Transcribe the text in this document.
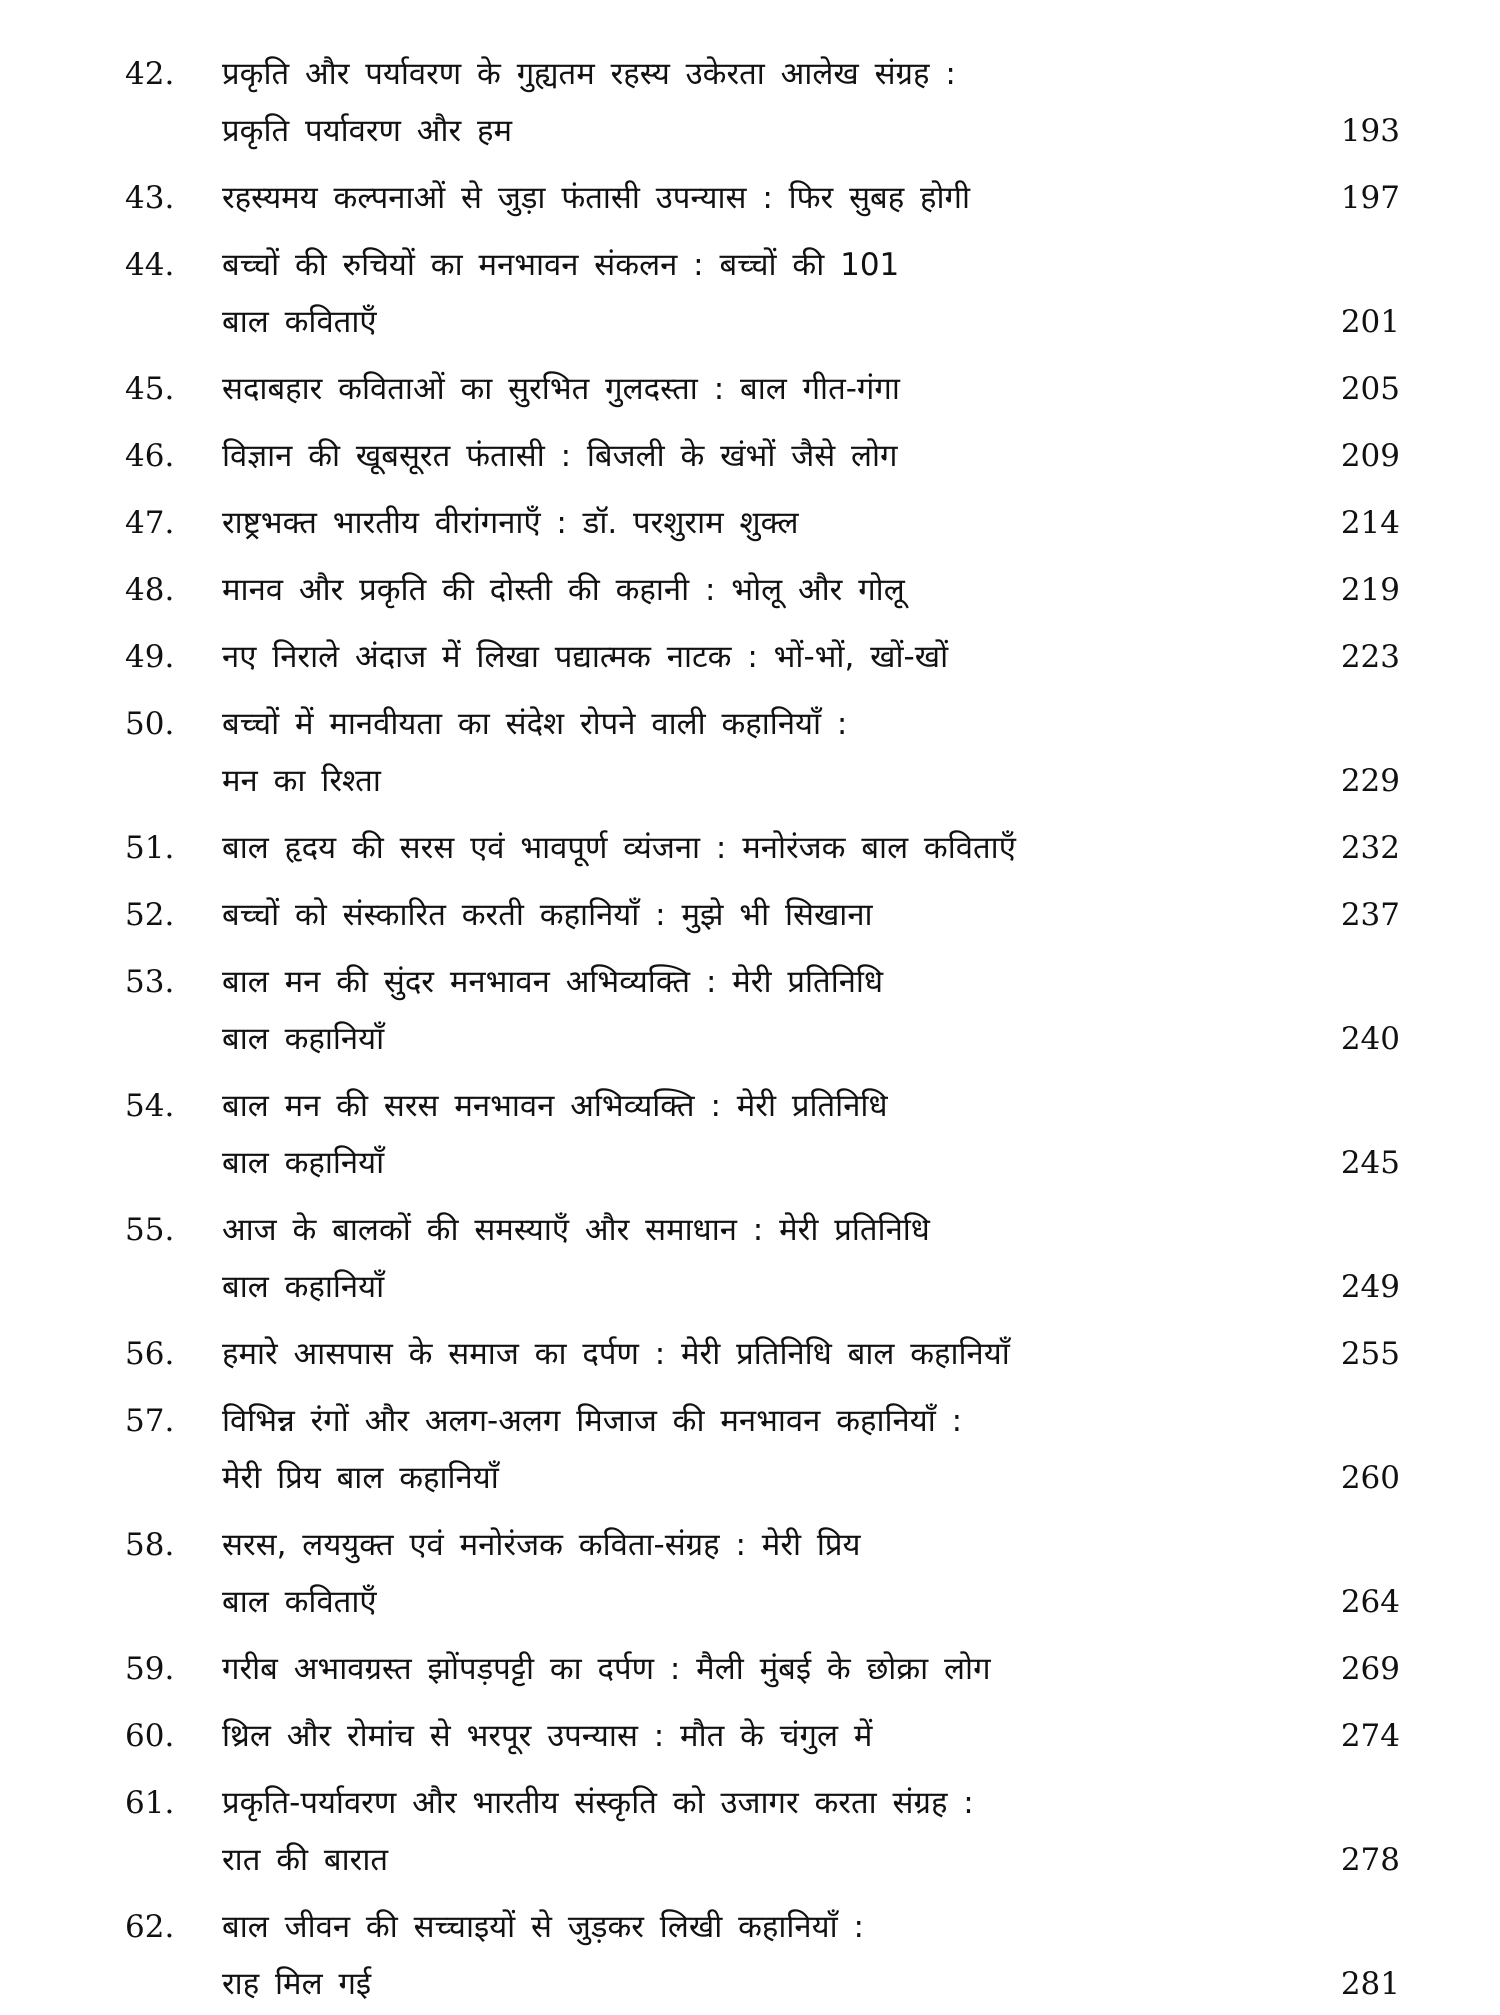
42.	प्रकृति और पर्यावरण के गुह्यतम रहस्य उकेरता आलेख संग्रह :
प्रकृति पर्यावरण और हम	193
43.	रहस्यमय कल्पनाओं से जुड़ा फंतासी उपन्यास : फिर सुबह होगी	197
44.	बच्चों की रुचियों का मनभावन संकलन : बच्चों की 101
बाल कविताएँ	201
45.	सदाबहार कविताओं का सुरभित गुलदस्ता : बाल गीत-गंगा	205
46.	विज्ञान की खूबसूरत फंतासी : बिजली के खंभों जैसे लोग	209
47.	राष्ट्रभक्त भारतीय वीरांगनाएँ : डॉ. परशुराम शुक्ल	214
48.	मानव और प्रकृति की दोस्ती की कहानी : भोलू और गोलू	219
49.	नए निराले अंदाज में लिखा पद्यात्मक नाटक : भों-भों, खों-खों	223
50.	बच्चों में मानवीयता का संदेश रोपने वाली कहानियाँ :
मन का रिश्ता	229
51.	बाल हृदय की सरस एवं भावपूर्ण व्यंजना : मनोरंजक बाल कविताएँ	232
52.	बच्चों को संस्कारित करती कहानियाँ : मुझे भी सिखाना	237
53.	बाल मन की सुंदर मनभावन अभिव्यक्ति : मेरी प्रतिनिधि
बाल कहानियाँ	240
54.	बाल मन की सरस मनभावन अभिव्यक्ति : मेरी प्रतिनिधि
बाल कहानियाँ	245
55.	आज के बालकों की समस्याएँ और समाधान : मेरी प्रतिनिधि
बाल कहानियाँ	249
56.	हमारे आसपास के समाज का दर्पण : मेरी प्रतिनिधि बाल कहानियाँ	255
57.	विभिन्न रंगों और अलग-अलग मिजाज की मनभावन कहानियाँ :
मेरी प्रिय बाल कहानियाँ	260
58.	सरस, लययुक्त एवं मनोरंजक कविता-संग्रह : मेरी प्रिय
बाल कविताएँ	264
59.	गरीब अभावग्रस्त झोंपड़पट्टी का दर्पण : मैली मुंबई के छोक्रा लोग	269
60.	थ्रिल और रोमांच से भरपूर उपन्यास : मौत के चंगुल में	274
61.	प्रकृति-पर्यावरण और भारतीय संस्कृति को उजागर करता संग्रह :
रात की बारात	278
62.	बाल जीवन की सच्चाइयों से जुड़कर लिखी कहानियाँ :
राह मिल गई	281
